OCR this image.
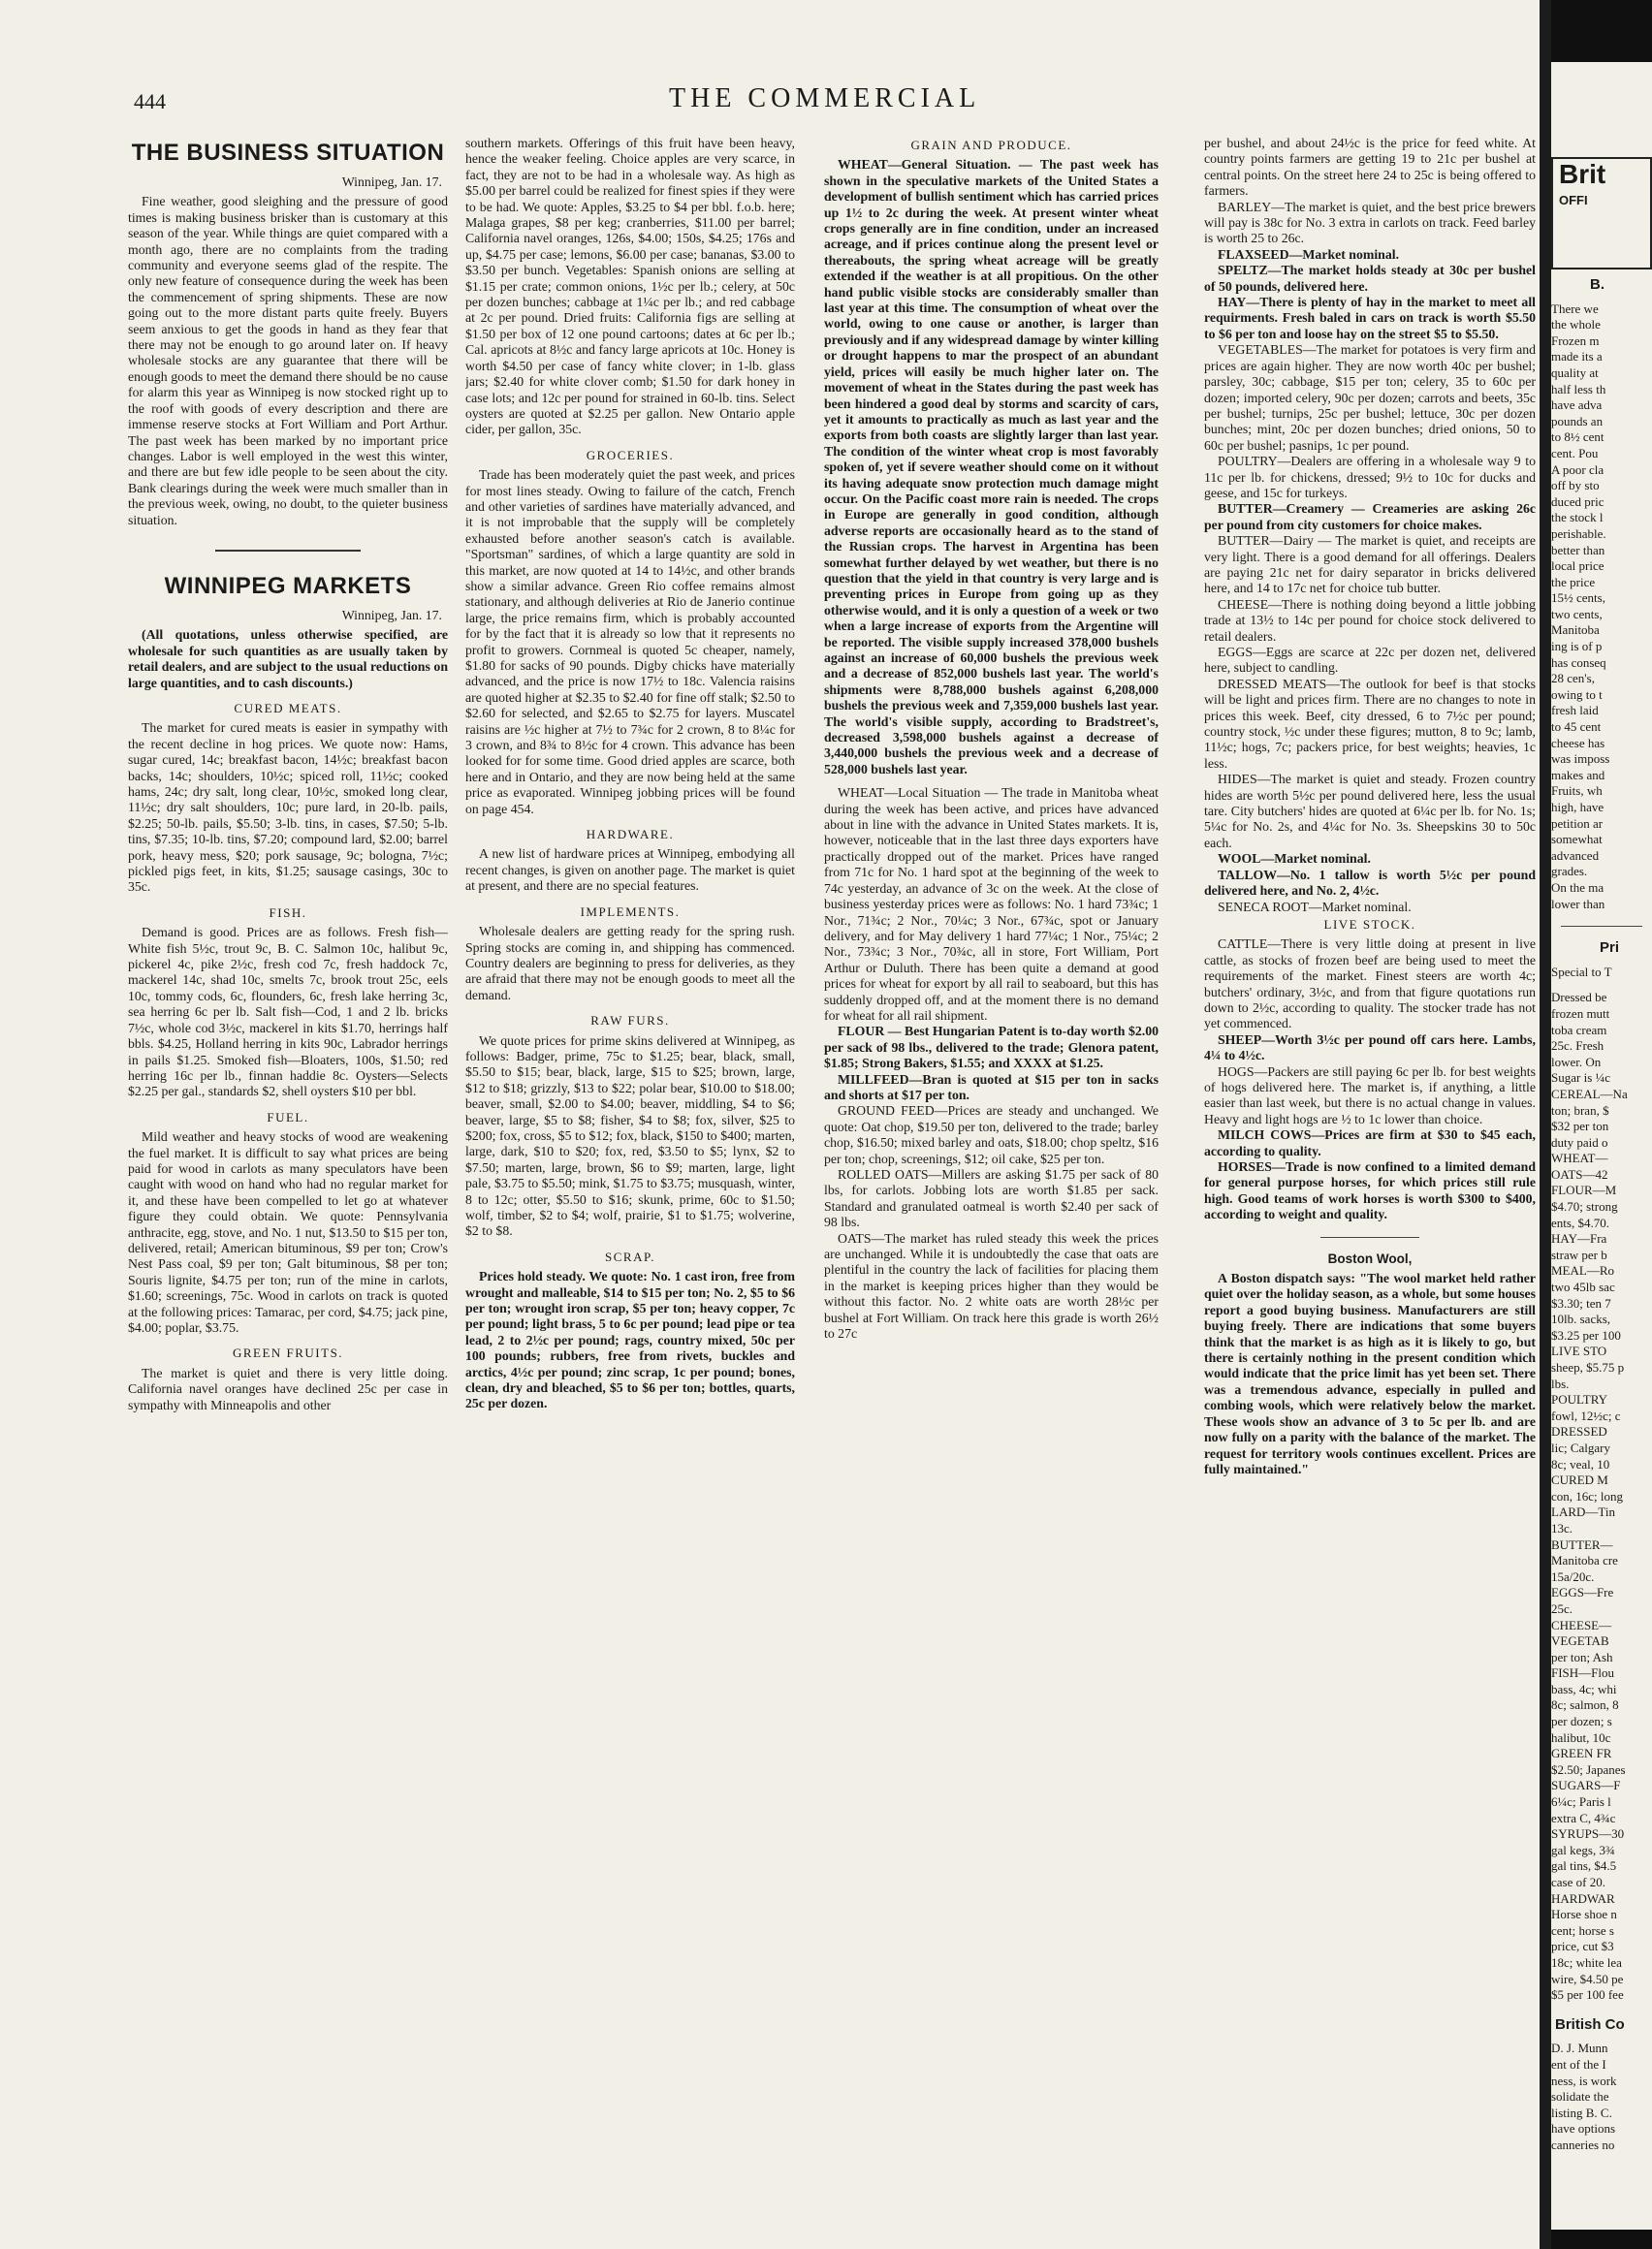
444	THE COMMERCIAL
THE BUSINESS SITUATION
Winnipeg, Jan. 17.

Fine weather, good sleighing and the pressure of good times is making business brisker than is customary at this season of the year. While things are quiet compared with a month ago, there are no complaints from the trading community and everyone seems glad of the respite. The only new feature of consequence during the week has been the commencement of spring shipments. These are now going out to the more distant parts quite freely. Buyers seem anxious to get the goods in hand as they fear that there may not be enough to go around later on. If heavy wholesale stocks are any guarantee that there will be enough goods to meet the demand there should be no cause for alarm this year as Winnipeg is now stocked right up to the roof with goods of every description and there are immense reserve stocks at Fort William and Port Arthur. The past week has been marked by no important price changes. Labor is well employed in the west this winter, and there are but few idle people to be seen about the city. Bank clearings during the week were much smaller than in the previous week, owing, no doubt, to the quieter business situation.

WINNIPEG MARKETS
Winnipeg, Jan. 17.

(All quotations, unless otherwise specified, are wholesale for such quantities as are usually taken by retail dealers, and are subject to the usual reductions on large quantities, and to cash discounts.)

CURED MEATS.

The market for cured meats is easier in sympathy with the recent decline in hog prices. We quote now: Hams, sugar cured, 14c; breakfast bacon, 14½c; breakfast bacon backs, 14c; shoulders, 10½c; spiced roll, 11½c; cooked hams, 24c; dry salt, long clear, 10½c, smoked long clear, 11½c; dry salt shoulders, 10c; pure lard, in 20-lb. pails, $2.25; 50-lb. pails, $5.50; 3-lb. tins, in cases, $7.50; 5-lb. tins, $7.35; 10-lb. tins, $7.20; compound lard, $2.00; barrel pork, heavy mess, $20; pork sausage, 9c; bologna, 7½c; pickled pigs feet, in kits, $1.25; sausage casings, 30c to 35c.

FISH.

Demand is good. Prices are as follows. Fresh fish—White fish 5½c, trout 9c, B. C. Salmon 10c, halibut 9c, pickerel 4c, pike 2½c, fresh cod 7c, fresh haddock 7c, mackerel 14c, shad 10c, smelts 7c, brook trout 25c, eels 10c, tommy cods, 6c, flounders, 6c, fresh lake herring 3c, sea herring 6c per lb. Salt fish—Cod, 1 and 2 lb. bricks 7½c, whole cod 3½c, mackerel in kits $1.70, herrings half bbls. $4.25, Holland herring in kits 90c, Labrador herrings in pails $1.25. Smoked fish—Bloaters, 100s, $1.50; red herring 16c per lb., finnan haddie 8c. Oysters—Selects $2.25 per gal., standards $2, shell oysters $10 per bbl.

FUEL.

Mild weather and heavy stocks of wood are weakening the fuel market. It is difficult to say what prices are being paid for wood in carlots as many speculators have been caught with wood on hand who had no regular market for it, and these have been compelled to let go at whatever figure they could obtain. We quote: Pennsylvania anthracite, egg, stove, and No. 1 nut, $13.50 to $15 per ton, delivered, retail; American bituminous, $9 per ton; Crow's Nest Pass coal, $9 per ton; Galt bituminous, $8 per ton; Souris lignite, $4.75 per ton; run of the mine in carlots, $1.60; screenings, 75c. Wood in carlots on track is quoted at the following prices: Tamarac, per cord, $4.75; jack pine, $4.00; poplar, $3.75.

GREEN FRUITS.

The market is quiet and there is very little doing. California navel oranges have declined 25c per case in sympathy with Minneapolis and other

southern markets. Offerings of this fruit have been heavy, hence the weaker feeling. Choice apples are very scarce, in fact, they are not to be had in a wholesale way. As high as $5.00 per barrel could be realized for finest spies if they were to be had. We quote: Apples, $3.25 to $4 per bbl. f.o.b. here; Malaga grapes, $8 per keg; cranberries, $11.00 per barrel; California navel oranges, 126s, $4.00; 150s, $4.25; 176s and up, $4.75 per case; lemons, $6.00 per case; bananas, $3.00 to $3.50 per bunch. Vegetables: Spanish onions are selling at $1.15 per crate; common onions, 1½c per lb.; celery, at 50c per dozen bunches; cabbage at 1¼c per lb.; and red cabbage at 2c per pound. Dried fruits: California figs are selling at $1.50 per box of 12 one pound cartoons; dates at 6c per lb.; Cal. apricots at 8½c and fancy large apricots at 10c. Honey is worth $4.50 per case of fancy white clover; in 1-lb. glass jars; $2.40 for white clover comb; $1.50 for dark honey in case lots; and 12c per pound for strained in 60-lb. tins. Select oysters are quoted at $2.25 per gallon. New Ontario apple cider, per gallon, 35c.

GROCERIES.

Trade has been moderately quiet the past week, and prices for most lines steady. Owing to failure of the catch, French and other varieties of sardines have materially advanced, and it is not improbable that the supply will be completely exhausted before another season's catch is available. "Sportsman" sardines, of which a large quantity are sold in this market, are now quoted at 14 to 14½c, and other brands show a similar advance. Green Rio coffee remains almost stationary, and although deliveries at Rio de Janerio continue large, the price remains firm, which is probably accounted for by the fact that it is already so low that it represents no profit to growers. Cornmeal is quoted 5c cheaper, namely, $1.80 for sacks of 90 pounds. Digby chicks have materially advanced, and the price is now 17½ to 18c. Valencia raisins are quoted higher at $2.35 to $2.40 for fine off stalk; $2.50 to $2.60 for selected, and $2.65 to $2.75 for layers. Muscatel raisins are ½c higher at 7½ to 7¾c for 2 crown, 8 to 8¼c for 3 crown, and 8¾ to 8½c for 4 crown. This advance has been looked for for some time. Good dried apples are scarce, both here and in Ontario, and they are now being held at the same price as evaporated. Winnipeg jobbing prices will be found on page 454.

HARDWARE.

A new list of hardware prices at Winnipeg, embodying all recent changes, is given on another page. The market is quiet at present, and there are no special features.

IMPLEMENTS.

Wholesale dealers are getting ready for the spring rush. Spring stocks are coming in, and shipping has commenced. Country dealers are beginning to press for deliveries, as they are afraid that there may not be enough goods to meet all the demand.

RAW FURS.

We quote prices for prime skins delivered at Winnipeg, as follows: Badger, prime, 75c to $1.25; bear, black, small, $5.50 to $15; bear, black, large, $15 to $25; brown, large, $12 to $18; grizzly, $13 to $22; polar bear, $10.00 to $18.00; beaver, small, $2.00 to $4.00; beaver, middling, $4 to $6; beaver, large, $5 to $8; fisher, $4 to $8; fox, silver, $25 to $200; fox, cross, $5 to $12; fox, black, $150 to $400; marten, large, dark, $10 to $20; fox, red, $3.50 to $5; lynx, $2 to $7.50; marten, large, brown, $6 to $9; marten, large, light pale, $3.75 to $5.50; mink, $1.75 to $3.75; musquash, winter, 8 to 12c; otter, $5.50 to $16; skunk, prime, 60c to $1.50; wolf, timber, $2 to $4; wolf, prairie, $1 to $1.75; wolverine, $2 to $8.

SCRAP.

Prices hold steady. We quote: No. 1 cast iron, free from wrought and malleable, $14 to $15 per ton; No. 2, $5 to $6 per ton; wrought iron scrap, $5 per ton; heavy copper, 7c per pound; light brass, 5 to 6c per pound; lead pipe or tea lead, 2 to 2½c per pound; rags, country mixed, 50c per 100 pounds; rubbers, free from rivets, buckles and arctics, 4½c per pound; zinc scrap, 1c per pound; bones, clean, dry and bleached, $5 to $6 per ton; bottles, quarts, 25c per dozen.

GRAIN AND PRODUCE.

WHEAT—General Situation. — The past week has shown in the speculative markets of the United States a development of bullish sentiment which has carried prices up 1½ to 2c during the week. At present winter wheat crops generally are in fine condition, under an increased acreage, and if prices continue along the present level or thereabouts, the spring wheat acreage will be greatly extended if the weather is at all propitious. On the other hand public visible stocks are considerably smaller than last year at this time. The consumption of wheat over the world, owing to one cause or another, is larger than previously and if any widespread damage by winter killing or drought happens to mar the prospect of an abundant yield, prices will easily be much higher later on. The movement of wheat in the States during the past week has been hindered a good deal by storms and scarcity of cars, yet it amounts to practically as much as last year and the exports from both coasts are slightly larger than last year. The condition of the winter wheat crop is most favorably spoken of, yet if severe weather should come on it without its having adequate snow protection much damage might occur. On the Pacific coast more rain is needed. The crops in Europe are generally in good condition, although adverse reports are occasionally heard as to the stand of the Russian crops. The harvest in Argentina has been somewhat further delayed by wet weather, but there is no question that the yield in that country is very large and is preventing prices in Europe from going up as they otherwise would, and it is only a question of a week or two when a large increase of exports from the Argentine will be reported. The visible supply increased 378,000 bushels against an increase of 60,000 bushels the previous week and a decrease of 852,000 bushels last year. The world's shipments were 8,788,000 bushels against 6,208,000 bushels the previous week and 7,359,000 bushels last year. The world's visible supply, according to Bradstreet's, decreased 3,598,000 bushels against a decrease of 3,440,000 bushels the previous week and a decrease of 528,000 bushels last year.

WHEAT—Local Situation — The trade in Manitoba wheat during the week has been active, and prices have advanced about in line with the advance in United States markets. It is, however, noticeable that in the last three days exporters have practically dropped out of the market. Prices have ranged from 71c for No. 1 hard spot at the beginning of the week to 74c yesterday, an advance of 3c on the week. At the close of business yesterday prices were as follows: No. 1 hard 73¾c; 1 Nor., 71¾c; 2 Nor., 70¼c; 3 Nor., 67¾c, spot or January delivery, and for May delivery 1 hard 77¼c; 1 Nor., 75¼c; 2 Nor., 73¾c; 3 Nor., 70¾c, all in store, Fort William, Port Arthur or Duluth. There has been quite a demand at good prices for wheat for export by all rail to seaboard, but this has suddenly dropped off, and at the moment there is no demand for wheat for all rail shipment.

FLOUR — Best Hungarian Patent is to-day worth $2.00 per sack of 98 lbs., delivered to the trade; Glenora patent, $1.85; Strong Bakers, $1.55; and XXXX at $1.25.

MILLFEED—Bran is quoted at $15 per ton in sacks and shorts at $17 per ton.

GROUND FEED—Prices are steady and unchanged. We quote: Oat chop, $19.50 per ton, delivered to the trade; barley chop, $16.50; mixed barley and oats, $18.00; chop speltz, $16 per ton; chop, screenings, $12; oil cake, $25 per ton.

ROLLED OATS—Millers are asking $1.75 per sack of 80 lbs, for carlots. Jobbing lots are worth $1.85 per sack. Standard and granulated oatmeal is worth $2.40 per sack of 98 lbs.

OATS—The market has ruled steady this week the prices are unchanged. While it is undoubtedly the case that oats are plentiful in the country the lack of facilities for placing them in the market is keeping prices higher than they would be without this factor. No. 2 white oats are worth 28½c per bushel at Fort William. On track here this grade is worth 26½ to 27c

per bushel, and about 24½c is the price for feed white. At country points farmers are getting 19 to 21c per bushel at central points. On the street here 24 to 25c is being offered to farmers.

BARLEY—The market is quiet, and the best price brewers will pay is 38c for No. 3 extra in carlots on track. Feed barley is worth 25 to 26c.

FLAXSEED—Market nominal.

SPELTZ—The market holds steady at 30c per bushel of 50 pounds, delivered here.

HAY—There is plenty of hay in the market to meet all requirments. Fresh baled in cars on track is worth $5.50 to $6 per ton and loose hay on the street $5 to $5.50.

VEGETABLES—The market for potatoes is very firm and prices are again higher. They are now worth 40c per bushel; parsley, 30c; cabbage, $15 per ton; celery, 35 to 60c per dozen; imported celery, 90c per dozen; carrots and beets, 35c per bushel; turnips, 25c per bushel; lettuce, 30c per dozen bunches; mint, 20c per dozen bunches; dried onions, 50 to 60c per bushel; pasnips, 1c per pound.

POULTRY—Dealers are offering in a wholesale way 9 to 11c per lb. for chickens, dressed; 9½ to 10c for ducks and geese, and 15c for turkeys.

BUTTER—Creamery — Creameries are asking 26c per pound from city customers for choice makes.

BUTTER—Dairy — The market is quiet, and receipts are very light. There is a good demand for all offerings. Dealers are paying 21c net for dairy separator in bricks delivered here, and 14 to 17c net for choice tub butter.

CHEESE—There is nothing doing beyond a little jobbing trade at 13½ to 14c per pound for choice stock delivered to retail dealers.

EGGS—Eggs are scarce at 22c per dozen net, delivered here, subject to candling.

DRESSED MEATS—The outlook for beef is that stocks will be light and prices firm. There are no changes to note in prices this week. Beef, city dressed, 6 to 7½c per pound; country stock, ½c under these figures; mutton, 8 to 9c; lamb, 11½c; hogs, 7c; packers price, for best weights; heavies, 1c less.

HIDES—The market is quiet and steady. Frozen country hides are worth 5½c per pound delivered here, less the usual tare. City butchers' hides are quoted at 6¼c per lb. for No. 1s; 5¼c for No. 2s, and 4¼c for No. 3s. Sheepskins 30 to 50c each.

WOOL—Market nominal.

TALLOW—No. 1 tallow is worth 5½c per pound delivered here, and No. 2, 4½c.

SENECA ROOT—Market nominal.

LIVE STOCK.

CATTLE—There is very little doing at present in live cattle, as stocks of frozen beef are being used to meet the requirements of the market. Finest steers are worth 4c; butchers' ordinary, 3½c, and from that figure quotations run down to 2½c, according to quality. The stocker trade has not yet commenced.

SHEEP—Worth 3½c per pound off cars here. Lambs, 4¼ to 4½c.

HOGS—Packers are still paying 6c per lb. for best weights of hogs delivered here. The market is, if anything, a little easier than last week, but there is no actual change in values. Heavy and light hogs are ½ to 1c lower than choice.

MILCH COWS—Prices are firm at $30 to $45 each, according to quality.

HORSES—Trade is now confined to a limited demand for general purpose horses, for which prices still rule high. Good teams of work horses is worth $300 to $400, according to weight and quality.

Boston Wool,

A Boston dispatch says: "The wool market held rather quiet over the holiday season, as a whole, but some houses report a good buying business. Manufacturers are still buying freely. There are indications that some buyers think that the market is as high as it is likely to go, but there is certainly nothing in the present condition which would indicate that the price limit has yet been set. There was a tremendous advance, especially in pulled and combing wools, which were relatively below the market. These wools show an advance of 3 to 5c per lb. and are now fully on a parity with the balance of the market. The request for territory wools continues excellent. Prices are fully maintained."

Brit
OFFI
B.
There we
the whole
Frozen m
made its a
quality at
half less th
have adva
pounds an
to 8½ cent
cent. Pou
A poor cla
off by sto
duced pric
the stock l
perishable.
better than
local price
the price
15½ cents,
two cents,
Manitoba
ing is of p
has conseq
28 cen's,
owing to t
fresh laid
to 45 cent
cheese has
was imposs
makes and
Fruits, wh
high, have
petition ar
somewhat
advanced
grades.
On the ma
lower than
Pri
Special to T
Dressed be
frozen mutt
toba cream
25c. Fresh
lower. On
Sugar is ¼c
CEREAL—Na
ton; bran, $
$32 per ton
duty paid o
WHEAT—
OATS—42
FLOUR—M
$4.70; strong
ents, $4.70.
HAY—Fra
straw per b
MEAL—Ro
two 45lb sac
$3.30; ten 7
10lb. sacks,
$3.25 per 100
LIVE STO
sheep, $5.75 p
lbs.
POULTRY
fowl, 12½c; c
DRESSED
lic; Calgary
8c; veal, 10
CURED M
con, 16c; long
LARD—Tin
13c.
BUTTER—
Manitoba cre
15a/20c.
EGGS—Fre
25c.
CHEESE—
VEGETAB
per ton; Ash
FISH—Flou
bass, 4c; whi
8c; salmon, 8
per dozen; s
halibut, 10c
GREEN FR
$2.50; Japanes
SUGARS—F
6¼c; Paris l
extra C, 4¾c
SYRUPS—30
gal kegs, 3¾
gal tins, $4.5
case of 20.
HARDWAR
Horse shoe n
cent; horse s
price, cut $3
18c; white lea
wire, $4.50 pe
$5 per 100 fee
British Co
D. J. Munn
ent of the I
ness, is work
solidate the
listing B. C.
have options
canneries no
